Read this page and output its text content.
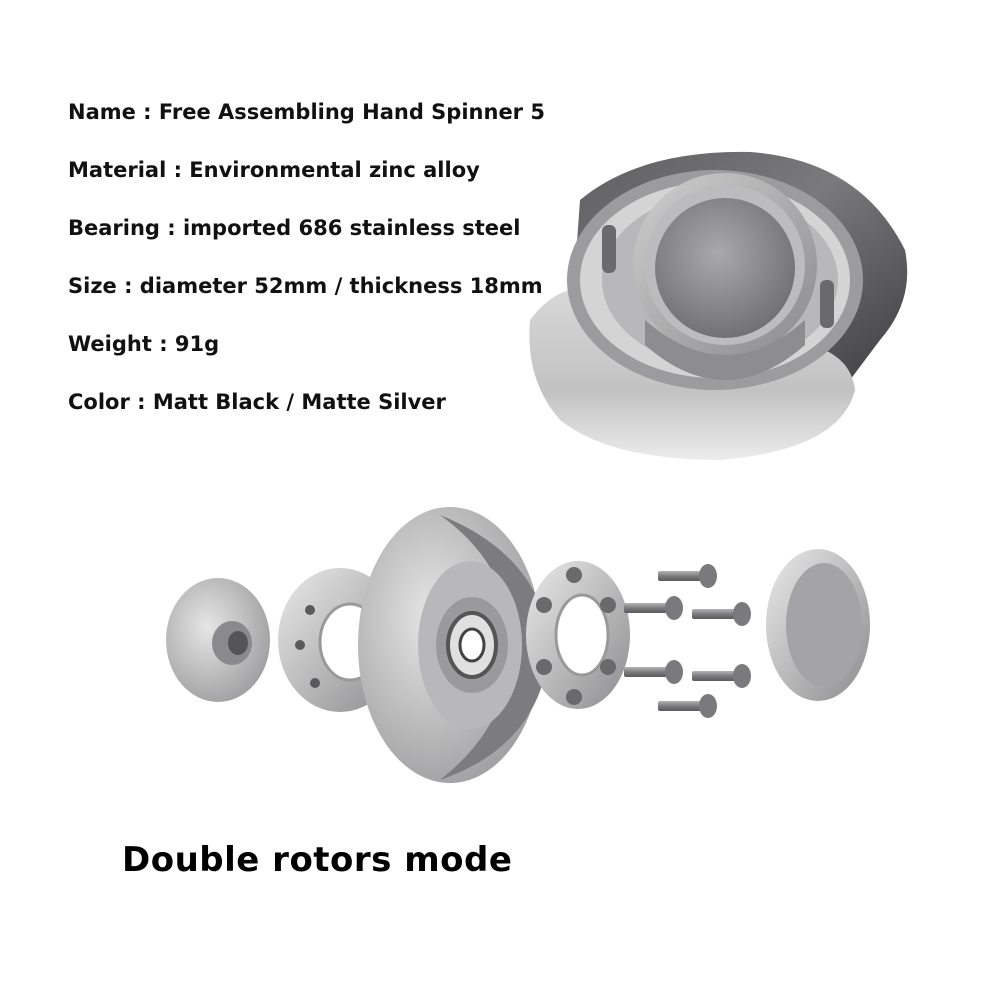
Name : Free Assembling Hand Spinner 5
Material : Environmental zinc alloy
Bearing : imported 686 stainless steel
Size : diameter 52mm / thickness 18mm
Weight : 91g
Color : Matt Black / Matte Silver
Double rotors mode
